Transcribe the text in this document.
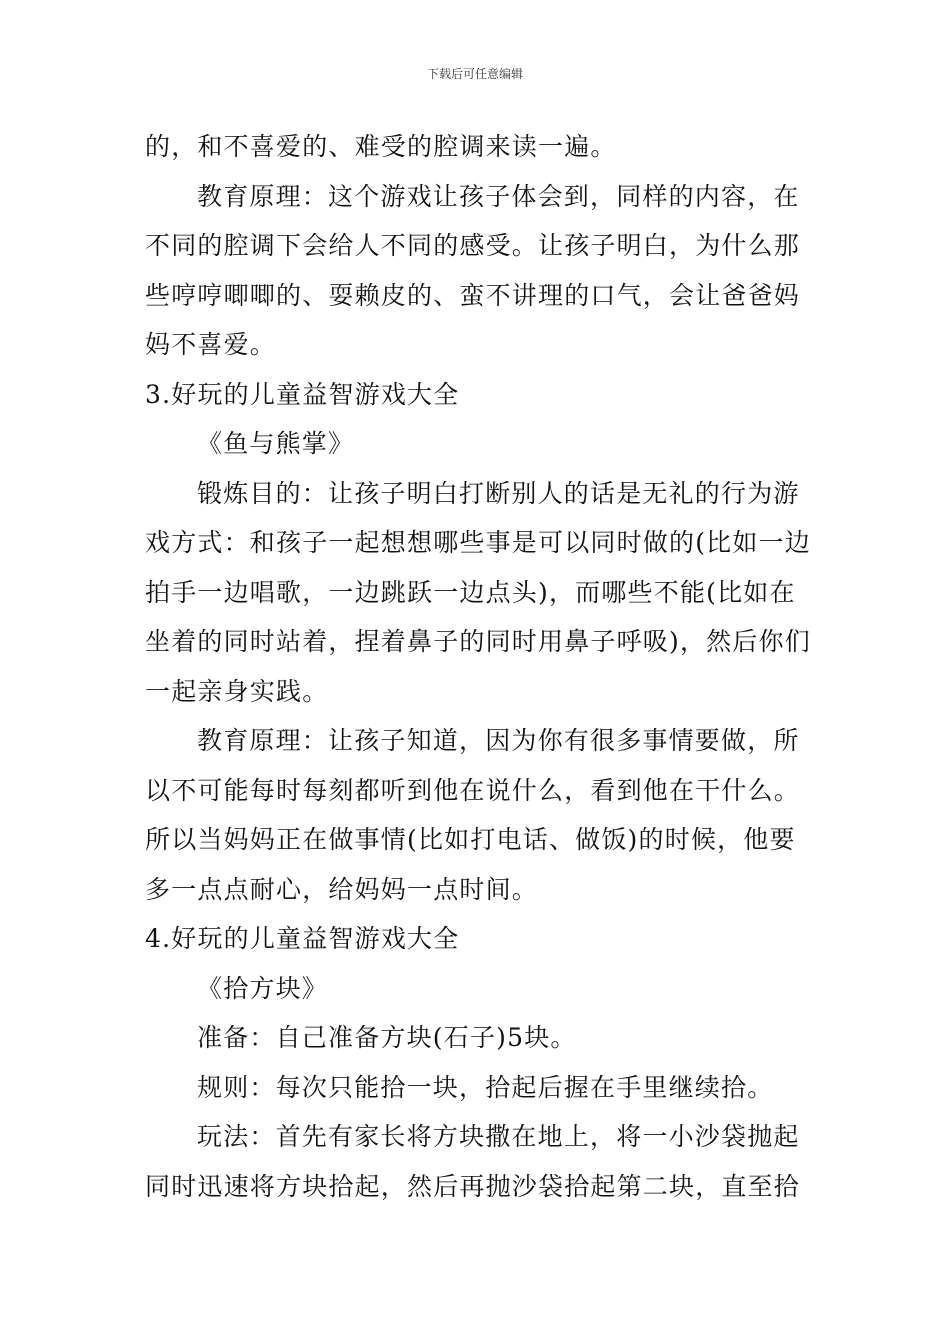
下载后可任意编辑
的，和不喜爱的、难受的腔调来读一遍。
教育原理：这个游戏让孩子体会到，同样的内容，在
不同的腔调下会给人不同的感受。让孩子明白，为什么那
些哼哼唧唧的、耍赖皮的、蛮不讲理的口气，会让爸爸妈
妈不喜爱。
3.好玩的儿童益智游戏大全
《鱼与熊掌》
锻炼目的：让孩子明白打断别人的话是无礼的行为游
戏方式：和孩子一起想想哪些事是可以同时做的(比如一边
拍手一边唱歌，一边跳跃一边点头)，而哪些不能(比如在
坐着的同时站着，捏着鼻子的同时用鼻子呼吸)，然后你们
一起亲身实践。
教育原理：让孩子知道，因为你有很多事情要做，所
以不可能每时每刻都听到他在说什么，看到他在干什么。
所以当妈妈正在做事情(比如打电话、做饭)的时候，他要
多一点点耐心，给妈妈一点时间。
4.好玩的儿童益智游戏大全
《拾方块》
准备：自己准备方块(石子)5块。
规则：每次只能拾一块，拾起后握在手里继续拾。
玩法：首先有家长将方块撒在地上，将一小沙袋抛起
同时迅速将方块拾起，然后再抛沙袋拾起第二块，直至拾
